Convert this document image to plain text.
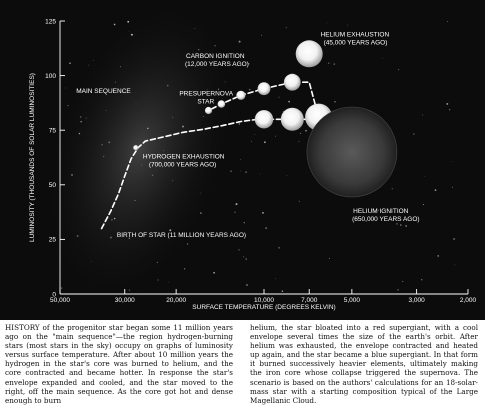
0
25
50
75
100
125
50,000	30,000	20,000	10,000	7,000	5,000	3,000	2,000
SURFACE TEMPERATURE (DEGREES KELVIN)
LUMINOSITY (THOUSANDS OF SOLAR LUMINOSITIES)	MAIN SEQUENCE
BIRTH OF STAR (11 MILLION YEARS AGO)
HYDROGEN EXHAUSTION
(700,000 YEARS AGO)
PRESUPERNOVA
STAR
CARBON IGNITION
(12,000 YEARS AGO)
HELIUM EXHAUSTION
(45,000 YEARS AGO)
HELIUM IGNITION
(650,000 YEARS AGO)

HISTORY of the progenitor star began some 11 million years ago on the "main sequence"—the region hydrogen-burning stars (most stars in the sky) occupy on graphs of luminosity versus surface temperature. After about 10 million years the hydrogen in the star's core was burned to helium, and the core contracted and became hotter. In response the star's envelope expanded and cooled, and the star moved to the right, off the main sequence. As the core got hot and dense enough to burn

helium, the star bloated into a red supergiant, with a cool envelope several times the size of the earth's orbit. After helium was exhausted, the envelope contracted and heated up again, and the star became a blue supergiant. In that form it burned successively heavier elements, ultimately making the iron core whose collapse triggered the supernova. The scenario is based on the authors' calculations for an 18-solar-mass star with a starting composition typical of the Large Magellanic Cloud.
